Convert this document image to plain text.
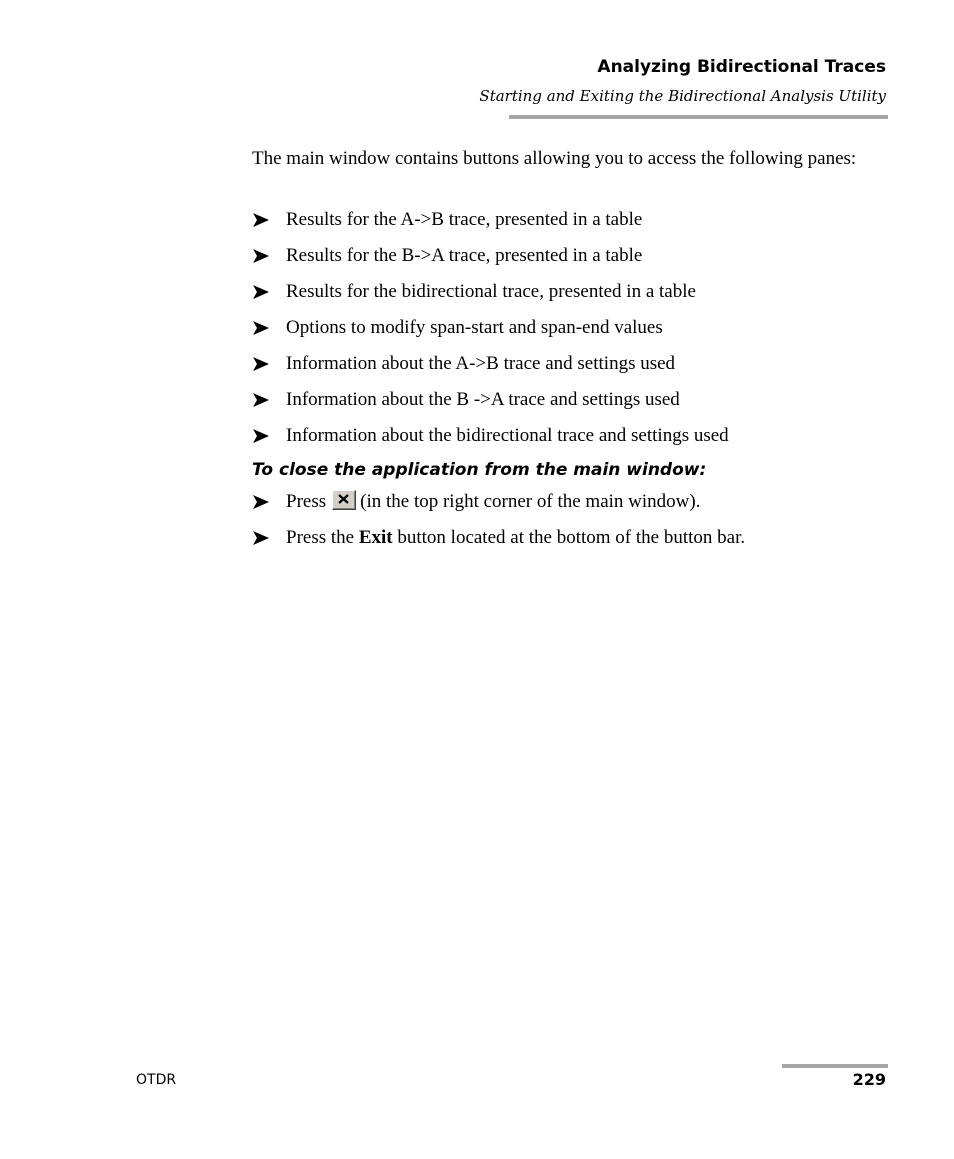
Analyzing Bidirectional Traces
Starting and Exiting the Bidirectional Analysis Utility
The main window contains buttons allowing you to access the following panes:
Results for the A->B trace, presented in a table
Results for the B->A trace, presented in a table
Results for the bidirectional trace, presented in a table
Options to modify span-start and span-end values
Information about the A->B trace and settings used
Information about the B ->A trace and settings used
Information about the bidirectional trace and settings used
To close the application from the main window:
Press (in the top right corner of the main window).
Press the Exit button located at the bottom of the button bar.
OTDR	229
